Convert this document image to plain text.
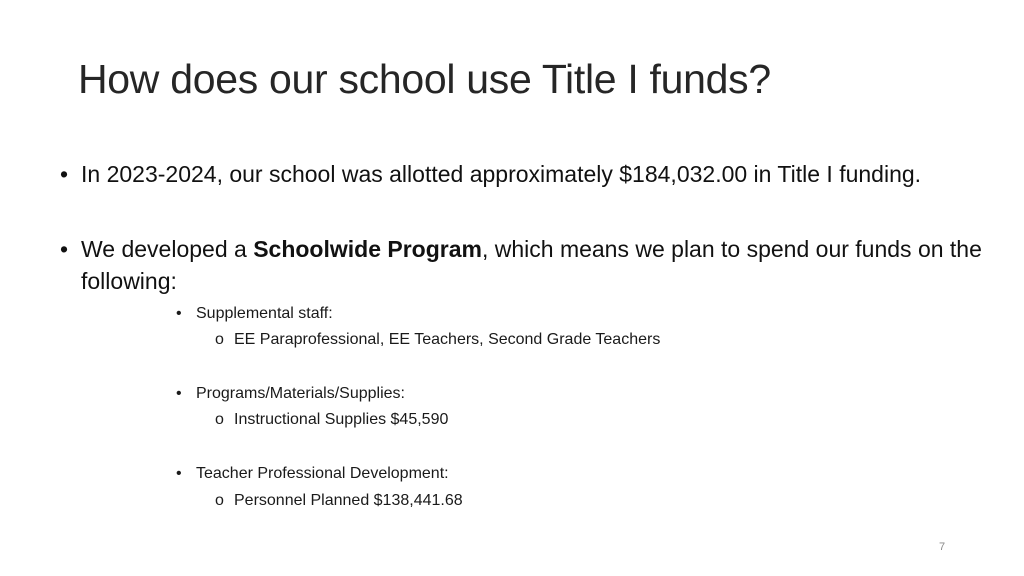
How does our school use Title I funds?
• In 2023-2024, our school was allotted approximately $184,032.00 in Title I funding.
• We developed a Schoolwide Program, which means we plan to spend our funds on the following:
• Supplemental staff:
o EE Paraprofessional, EE Teachers, Second Grade Teachers
• Programs/Materials/Supplies:
o Instructional Supplies $45,590
• Teacher Professional Development:
o Personnel Planned $138,441.68
7
